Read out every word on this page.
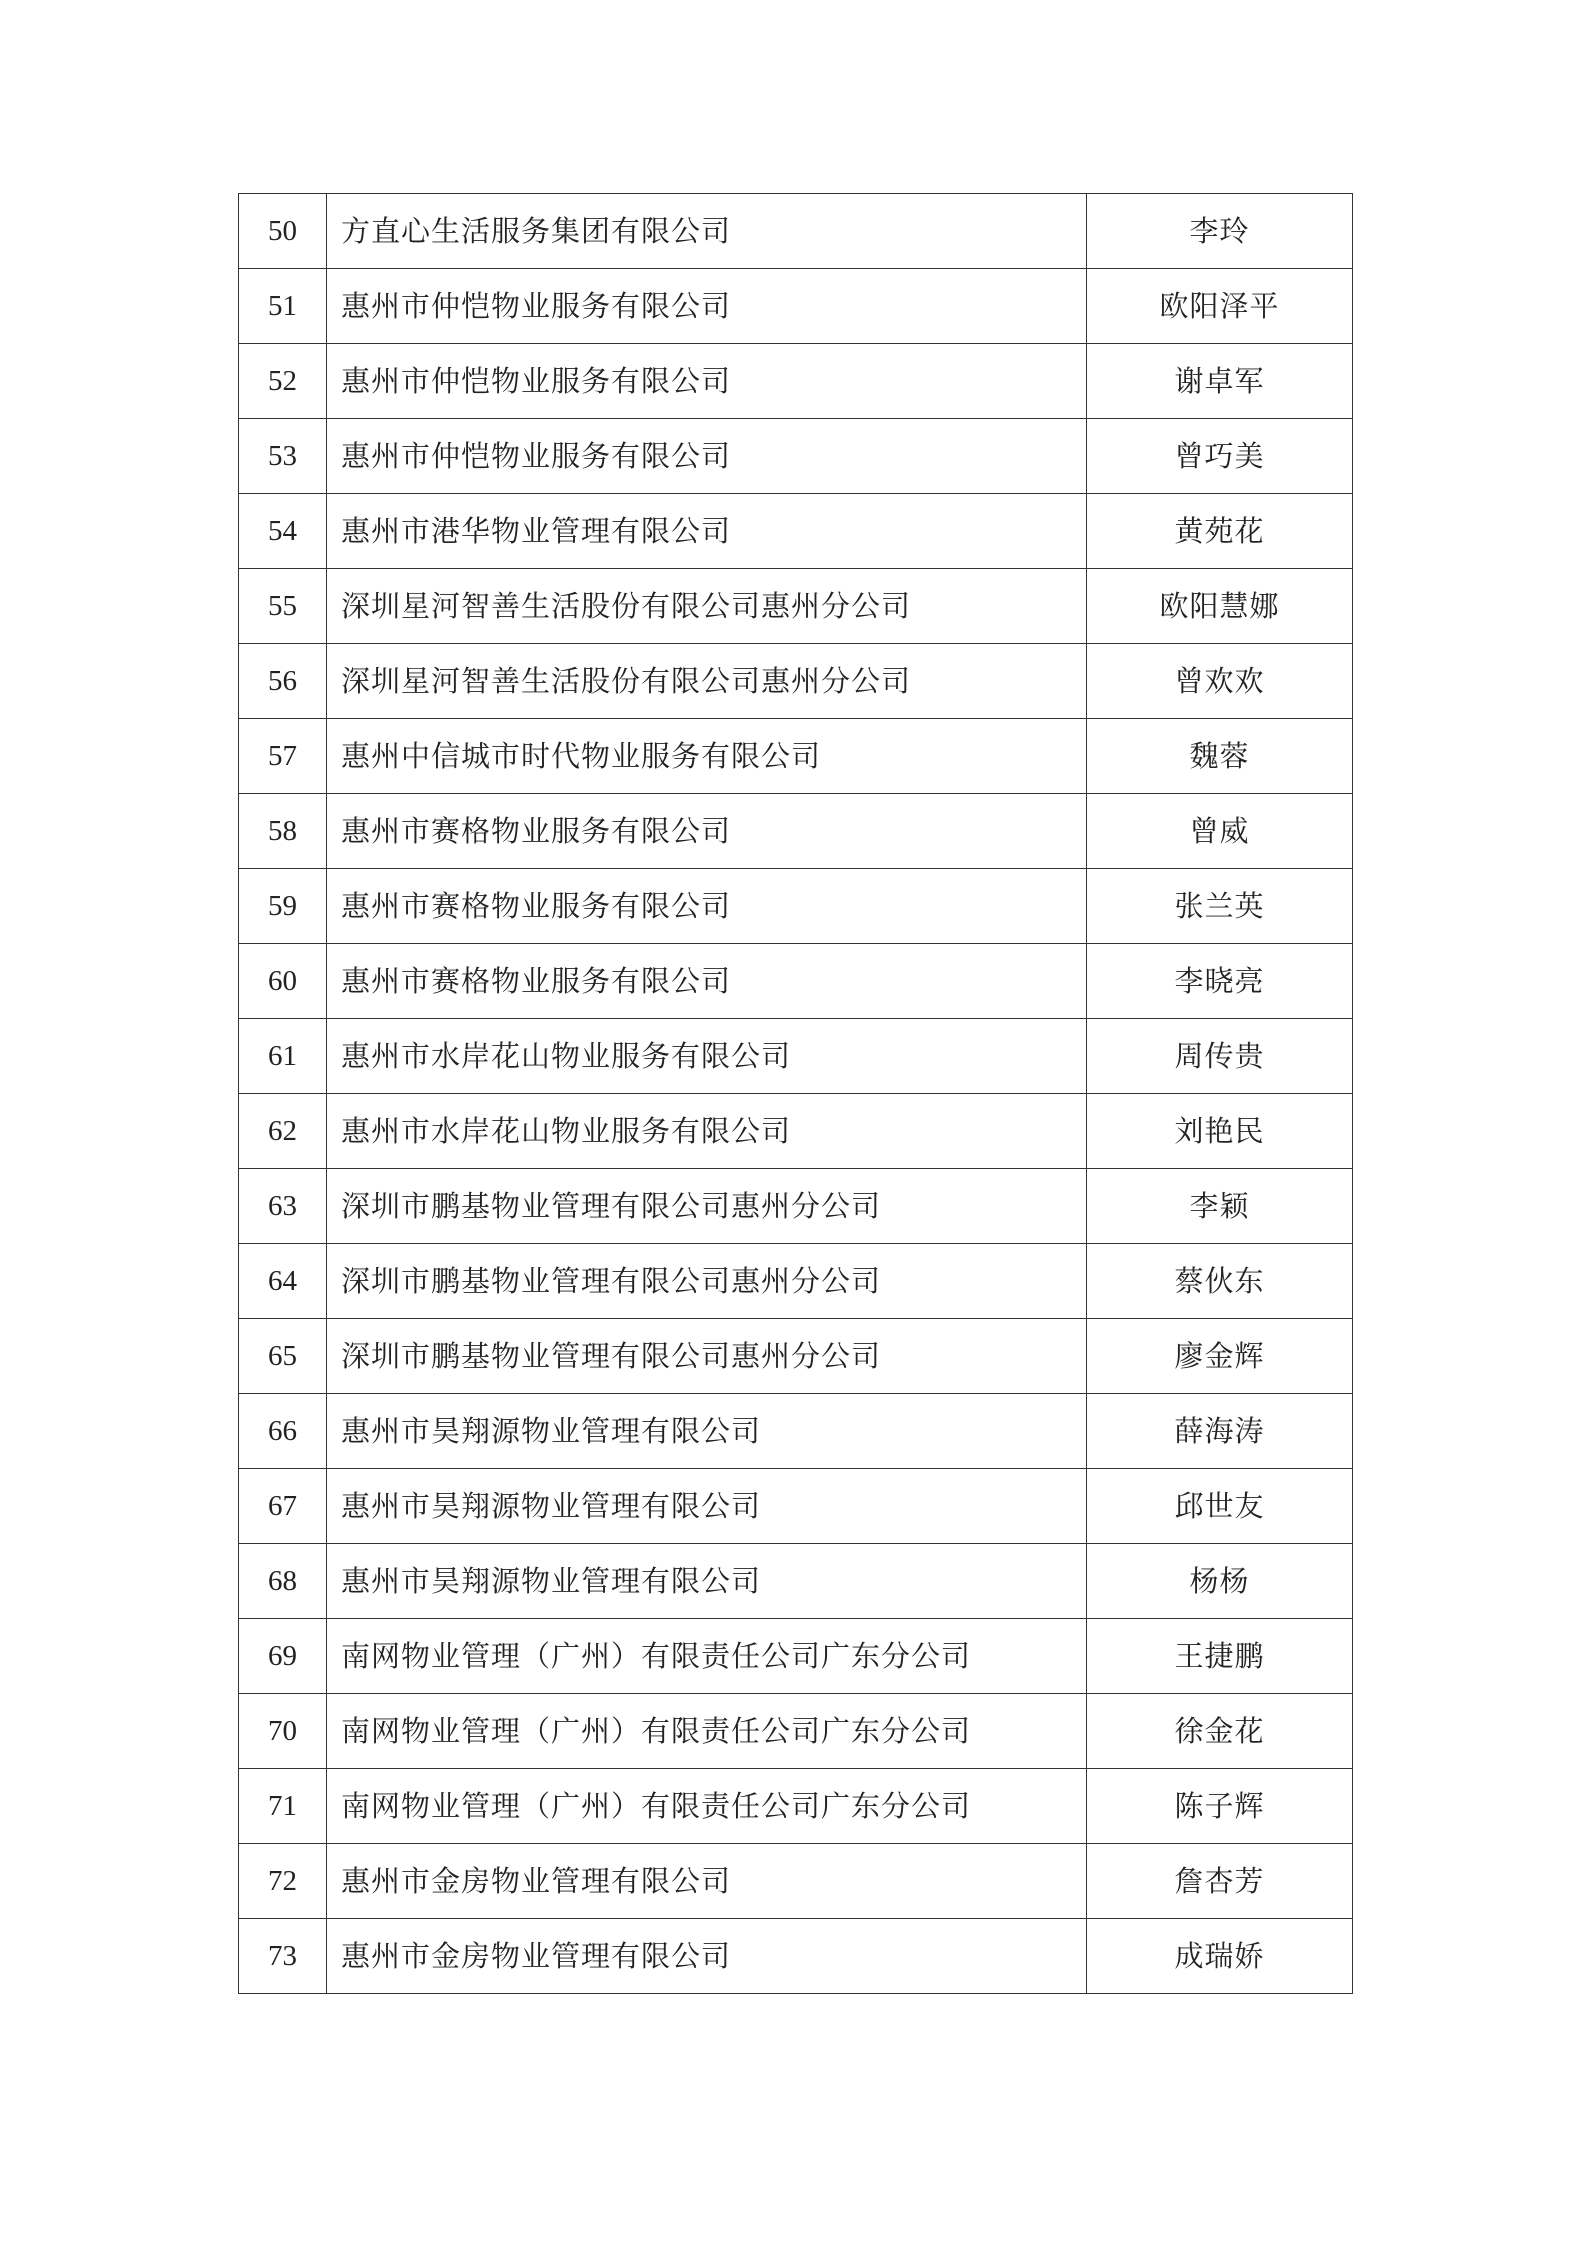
50	方直心生活服务集团有限公司	李玲
51	惠州市仲恺物业服务有限公司	欧阳泽平
52	惠州市仲恺物业服务有限公司	谢卓军
53	惠州市仲恺物业服务有限公司	曾巧美
54	惠州市港华物业管理有限公司	黄苑花
55	深圳星河智善生活股份有限公司惠州分公司	欧阳慧娜
56	深圳星河智善生活股份有限公司惠州分公司	曾欢欢
57	惠州中信城市时代物业服务有限公司	魏蓉
58	惠州市赛格物业服务有限公司	曾威
59	惠州市赛格物业服务有限公司	张兰英
60	惠州市赛格物业服务有限公司	李晓亮
61	惠州市水岸花山物业服务有限公司	周传贵
62	惠州市水岸花山物业服务有限公司	刘艳民
63	深圳市鹏基物业管理有限公司惠州分公司	李颖
64	深圳市鹏基物业管理有限公司惠州分公司	蔡伙东
65	深圳市鹏基物业管理有限公司惠州分公司	廖金辉
66	惠州市昊翔源物业管理有限公司	薛海涛
67	惠州市昊翔源物业管理有限公司	邱世友
68	惠州市昊翔源物业管理有限公司	杨杨
69	南网物业管理（广州）有限责任公司广东分公司	王捷鹏
70	南网物业管理（广州）有限责任公司广东分公司	徐金花
71	南网物业管理（广州）有限责任公司广东分公司	陈子辉
72	惠州市金房物业管理有限公司	詹杏芳
73	惠州市金房物业管理有限公司	成瑞娇
